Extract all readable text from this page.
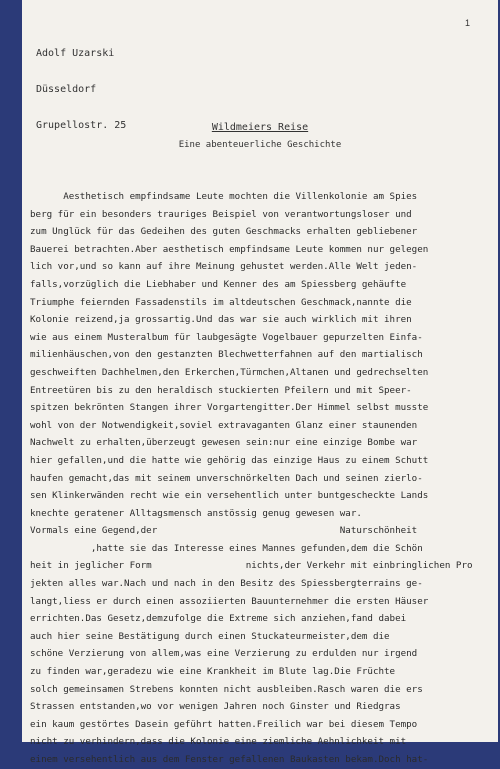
1

Adolf Uzarski

Düsseldorf

Grupellostr. 25

	Wildmeiers Reise
Eine abenteuerliche Geschichte
Aesthetisch empfindsame Leute mochten die Villenkolonie am Spies
berg für ein besonders trauriges Beispiel von verantwortungsloser und
zum Unglück für das Gedeihen des guten Geschmacks erhalten gebliebener
Bauerei betrachten.Aber aesthetisch empfindsame Leute kommen nur gelegen
lich vor,und so kann auf ihre Meinung gehustet werden.Alle Welt jeden-
falls,vorzüglich die Liebhaber und Kenner des am Spiessberg gehäufte
Triumphe feiernden Fassadenstils im altdeutschen Geschmack,nannte die
Kolonie reizend,ja grossartig.Und das war sie auch wirklich mit ihren
wie aus einem Musteralbum für laubgesägte Vogelbauer gepurzelten Einfa-
milienhäuschen,von den gestanzten Blechwetterfahnen auf den martialisch
geschweiften Dachhelmen,den Erkerchen,Türmchen,Altanen und gedrechselten
Entreetüren bis zu den heraldisch stuckierten Pfeilern und mit Speer-
spitzen bekrönten Stangen ihrer Vorgartengitter.Der Himmel selbst musste
wohl von der Notwendigkeit,soviel extravaganten Glanz einer staunenden
Nachwelt zu erhalten,überzeugt gewesen sein:nur eine einzige Bombe war
hier gefallen,und die hatte wie gehörig das einzige Haus zu einem Schutt
haufen gemacht,das mit seinem unverschnörkelten Dach und seinen zierlo-
sen Klinkerwänden recht wie ein versehentlich unter buntgescheckte Lands
knechte geratener Alltagsmensch anstössig genug gewesen war.
Vormals eine Gegend,der                                 Naturschönheit
,hatte sie das Interesse eines Mannes gefunden,dem die Schön
heit in jeglicher Form                 nichts,der Verkehr mit einbringlichen Pro
jekten alles war.Nach und nach in den Besitz des Spiessbergterrains ge-
langt,liess er durch einen assoziierten Bauunternehmer die ersten Häuser
errichten.Das Gesetz,demzufolge die Extreme sich anziehen,fand dabei
auch hier seine Bestätigung durch einen Stuckateurmeister,dem die
schöne Verzierung von allem,was eine Verzierung zu erdulden nur irgend
zu finden war,geradezu wie eine Krankheit im Blute lag.Die Früchte
solch gemeinsamen Strebens konnten nicht ausbleiben.Rasch waren die ers
Strassen entstanden,wo vor wenigen Jahren noch Ginster und Riedgras
ein kaum gestörtes Dasein geführt hatten.Freilich war bei diesem Tempo
nicht zu verhindern,dass die Kolonie eine ziemliche Aehnlichkeit mit
einem versehentlich aus dem Fenster gefallenen Baukasten bekam.Doch hat-
